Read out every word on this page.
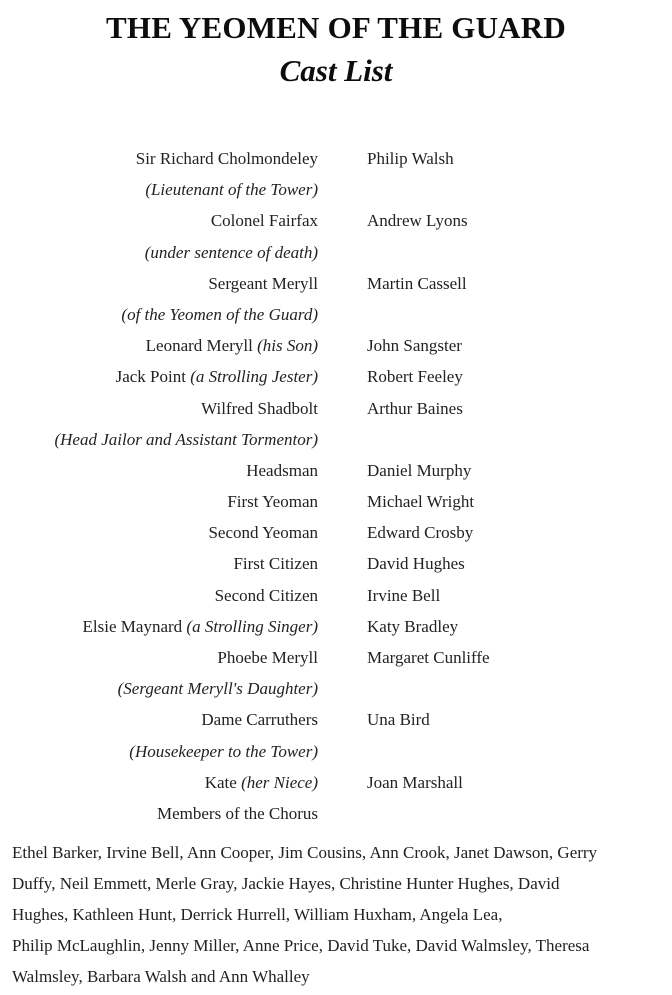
THE YEOMEN OF THE GUARD
Cast List
Sir Richard Cholmondeley	Philip Walsh
(Lieutenant of the Tower)
Colonel Fairfax	Andrew Lyons
(under sentence of death)
Sergeant Meryll	Martin Cassell
(of the Yeomen of the Guard)
Leonard Meryll (his Son)	John Sangster
Jack Point (a Strolling Jester)	Robert Feeley
Wilfred Shadbolt	Arthur Baines
(Head Jailor and Assistant Tormentor)
Headsman	Daniel Murphy
First Yeoman	Michael Wright
Second Yeoman	Edward Crosby
First Citizen	David Hughes
Second Citizen	Irvine Bell
Elsie Maynard (a Strolling Singer)	Katy Bradley
Phoebe Meryll	Margaret Cunliffe
(Sergeant Meryll's Daughter)
Dame Carruthers	Una Bird
(Housekeeper to the Tower)
Kate (her Niece)	Joan Marshall
Members of the Chorus
Ethel Barker, Irvine Bell, Ann Cooper, Jim Cousins, Ann Crook, Janet Dawson, Gerry
Duffy, Neil Emmett, Merle Gray, Jackie Hayes, Christine Hunter Hughes, David
Hughes, Kathleen Hunt, Derrick Hurrell, William Huxham, Angela Lea,
Philip McLaughlin, Jenny Miller, Anne Price, David Tuke, David Walmsley, Theresa
Walmsley, Barbara Walsh and Ann Whalley
